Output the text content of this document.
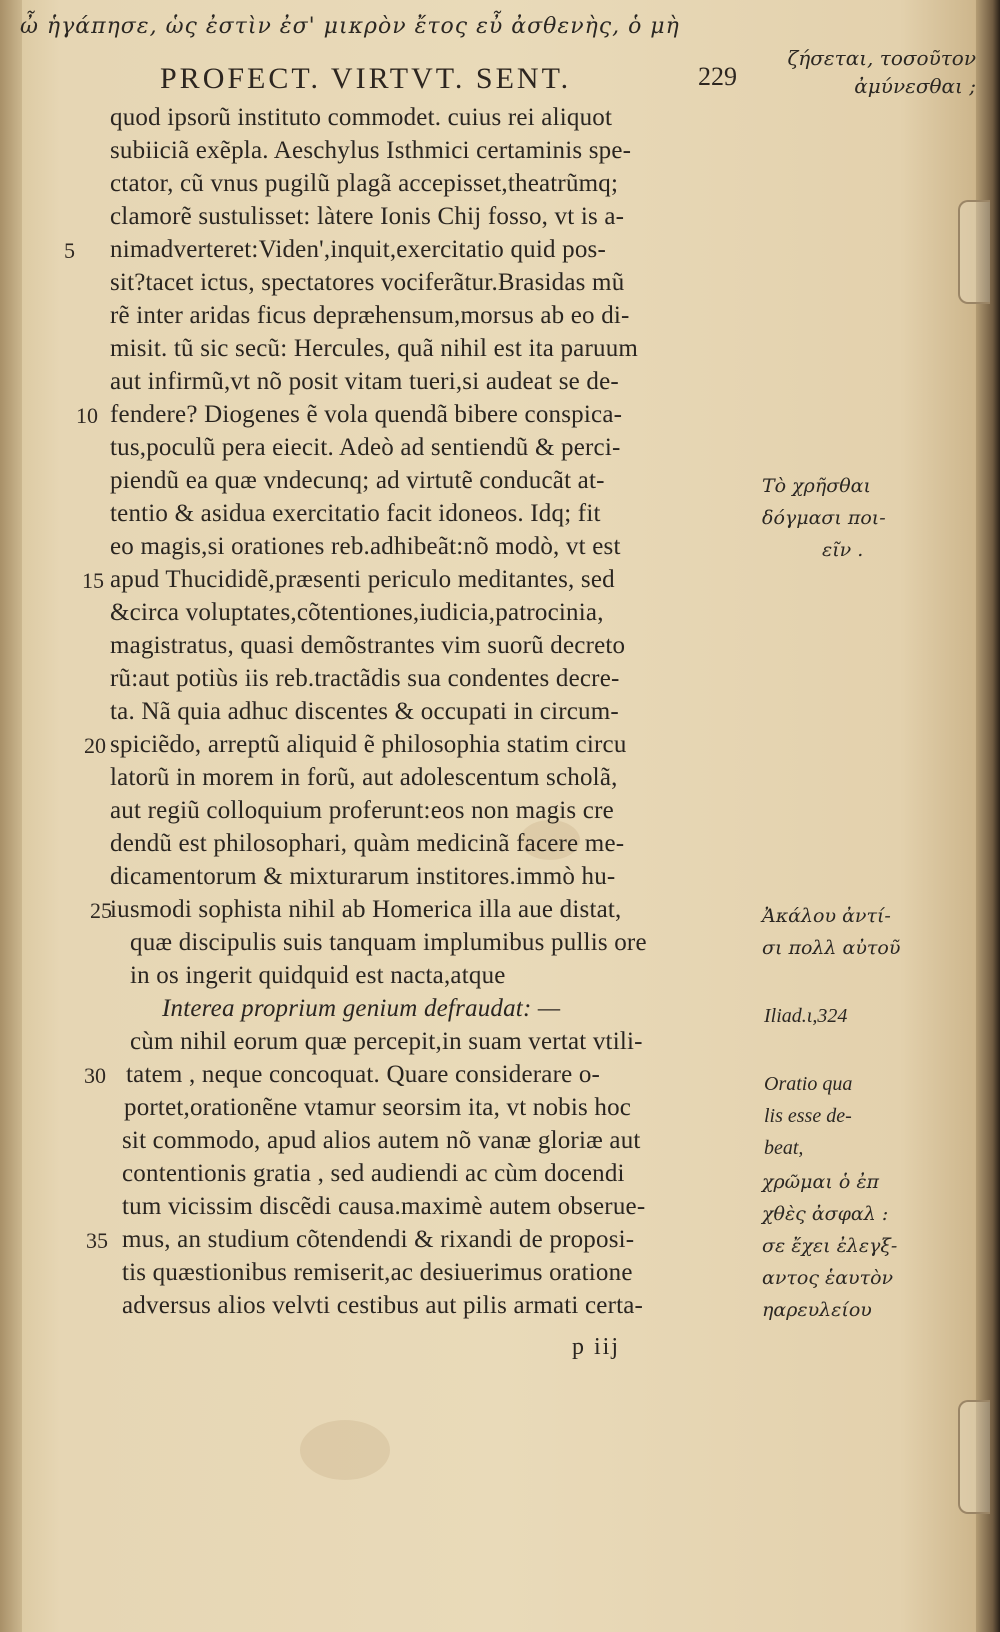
ὦ ἡγάπησε, ὡς ἐστὶν ἐσ' μικρὸν ἔτος εὖ ἀσθενὴς, ὁ μὴ
PROFECT. VIRTVT. SENT.	229
ζήσεται, τοσοῦτον
ἀμύνεσθαι ;
quod ipsorũ instituto commodet. cuius rei aliquot
subiiciã exẽpla. Aeschylus Isthmici certaminis spe-
ctator, cũ vnus pugilũ plagã accepisset,theatrũmq;
clamorẽ sustulisset: làtere Ionis Chij fosso, vt is a-
nimadverteret:Viden',inquit,exercitatio quid pos-
sit?tacet ictus, spectatores vociferãtur.Brasidas mũ
rẽ inter aridas ficus depræhensum,morsus ab eo di-
misit. tũ sic secũ: Hercules, quã nihil est ita paruum
aut infirmũ,vt nõ posit vitam tueri,si audeat se de-
fendere? Diogenes ẽ vola quendã bibere conspica-
tus,poculũ pera eiecit. Adeò ad sentiendũ & perci-
piendũ ea quæ vndecunq; ad virtutẽ conducãt at-
tentio & asidua exercitatio facit idoneos. Idq; fit
eo magis,si orationes reb.adhibeãt:nõ modò, vt est
apud Thucididẽ,præsenti periculo meditantes, sed
&circa voluptates,cõtentiones,iudicia,patrocinia,
magistratus, quasi demõstrantes vim suorũ decreto
rũ:aut potiùs iis reb.tractãdis sua condentes decre-
ta. Nã quia adhuc discentes & occupati in circum-
spiciẽdo, arreptũ aliquid ẽ philosophia statim circu
latorũ in morem in forũ, aut adolescentum scholã,
aut regiũ colloquium proferunt:eos non magis cre
dendũ est philosophari, quàm medicinã facere me-
dicamentorum & mixturarum institores.immò hu-
iusmodi sophista nihil ab Homerica illa aue distat,
quæ discipulis suis tanquam implumibus pullis ore
in os ingerit quidquid est nacta,atque
Interea proprium genium defraudat: —
cùm nihil eorum quæ percepit,in suam vertat vtili-
tatem , neque concoquat. Quare considerare o-
portet,orationẽne vtamur seorsim ita, vt nobis hoc
sit commodo, apud alios autem nõ vanæ gloriæ aut
contentionis gratia , sed audiendi ac cùm docendi
tum vicissim discẽdi causa.maximè autem obserue-
mus, an studium cõtendendi & rixandi de proposi-
tis quæstionibus remiserit,ac desiuerimus oratione
adversus alios velvti cestibus aut pilis armati certa-
5
10
15
20
25
30
35
Τὸ χρῆσθαι
δόγμασι ποι-
εῖν .
Ἀκάλου ἀντί-
σι πολλ αὐτοῦ
Iliad.ι,324
Oratio qua
lis esse de-
beat,
χρῶμαι ὁ ἐπ
χθὲς ἀσφαλ :
σε ἔχει ἐλεγξ-
αντος ἑαυτὸν
ηαρευλείου
p iij
